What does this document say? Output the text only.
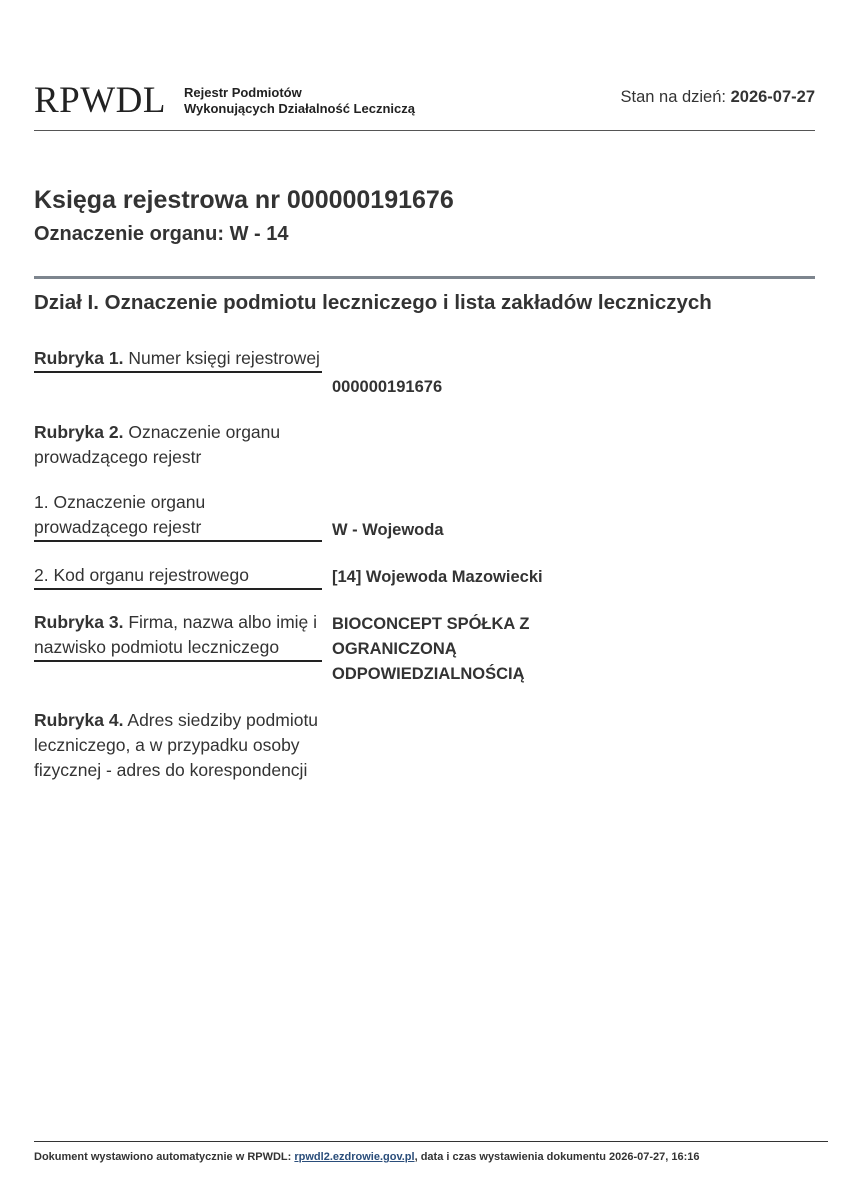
RPWDL Rejestr Podmiotów
Wykonujących Działalność Leczniczą
Stan na dzień: 2026-07-27
Księga rejestrowa nr 000000191676
Oznaczenie organu: W - 14
Dział I. Oznaczenie podmiotu leczniczego i lista zakładów leczniczych
Rubryka 1. Numer księgi rejestrowej
000000191676
Rubryka 2. Oznaczenie organu prowadzącego rejestr
1. Oznaczenie organu prowadzącego rejestr	W - Wojewoda
2. Kod organu rejestrowego	[14] Wojewoda Mazowiecki
Rubryka 3. Firma, nazwa albo imię i nazwisko podmiotu leczniczego
BIOCONCEPT SPÓŁKA Z OGRANICZONĄ ODPOWIEDZIALNOŚCIĄ
Rubryka 4. Adres siedziby podmiotu leczniczego, a w przypadku osoby fizycznej - adres do korespondencji
Dokument wystawiono automatycznie w RPWDL: rpwdl2.ezdrowie.gov.pl, data i czas wystawienia dokumentu 2026-07-27, 16:16
